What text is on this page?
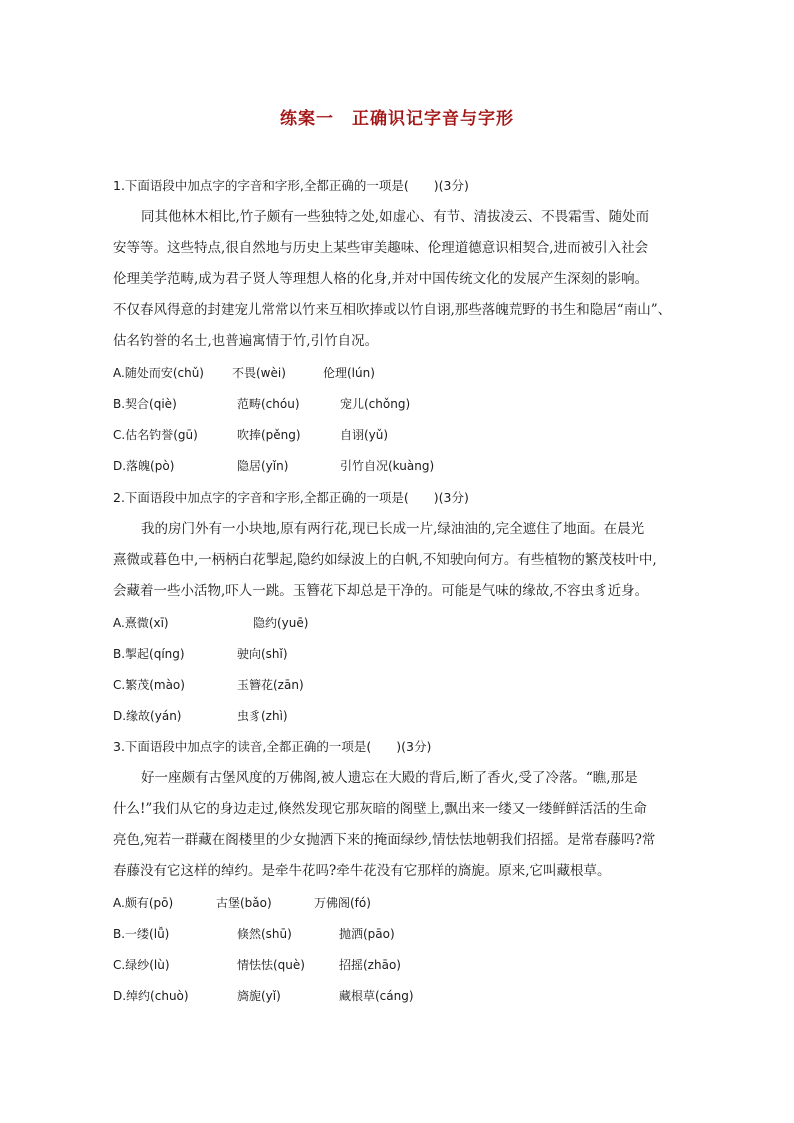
练案一　正确识记字音与字形
1.下面语段中加点字的字音和字形,全都正确的一项是(　　)(3分)
同其他林木相比,竹子颇有一些独特之处,如虚心、有节、清拔凌云、不畏霜雪、随处而
安等等。这些特点,很自然地与历史上某些审美趣味、伦理道德意识相契合,进而被引入社会
伦理美学范畴,成为君子贤人等理想人格的化身,并对中国传统文化的发展产生深刻的影响。
不仅春风得意的封建宠儿常常以竹来互相吹捧或以竹自诩,那些落魄荒野的书生和隐居“南山”、
估名钓誉的名士,也普遍寓情于竹,引竹自况。
A.随处而安(chǔ) 不畏(wèi)	伦理(lún)
B.契合(qiè)	范畴(chóu)	宠儿(chǒng)
C.估名钓誉(gū)	吹捧(pěng)	自诩(yǔ)
D.落魄(pò)	隐居(yǐn)	引竹自况(kuàng)
2.下面语段中加点字的字音和字形,全都正确的一项是(　　)(3分)
我的房门外有一小块地,原有两行花,现已长成一片,绿油油的,完全遮住了地面。在晨光
熹微或暮色中,一柄柄白花掣起,隐约如绿波上的白帆,不知驶向何方。有些植物的繁茂枝叶中,
会藏着一些小活物,吓人一跳。玉簪花下却总是干净的。可能是气味的缘故,不容虫豸近身。
A.熹微(xī)	隐约(yuē)
B.掣起(qíng)	驶向(shǐ)
C.繁茂(mào)	玉簪花(zān)
D.缘故(yán)	虫豸(zhì)
3.下面语段中加点字的读音,全都正确的一项是(　　)(3分)
好一座颇有古堡风度的万佛阁,被人遗忘在大殿的背后,断了香火,受了冷落。“瞧,那是
什么!”我们从它的身边走过,倏然发现它那灰暗的阁壁上,飘出来一缕又一缕鲜鲜活活的生命
亮色,宛若一群藏在阁楼里的少女抛洒下来的掩面绿纱,情怯怯地朝我们招摇。是常春藤吗?常
春藤没有它这样的绰约。是牵牛花吗?牵牛花没有它那样的旖旎。原来,它叫藏根草。
A.颇有(pō)	古堡(bǎo)	万佛阁(fó)
B.一缕(lǚ)	倏然(shū)	抛洒(pāo)
C.绿纱(lù)	情怯怯(què)	招摇(zhāo)
D.绰约(chuò)	旖旎(yǐ)	藏根草(cáng)
